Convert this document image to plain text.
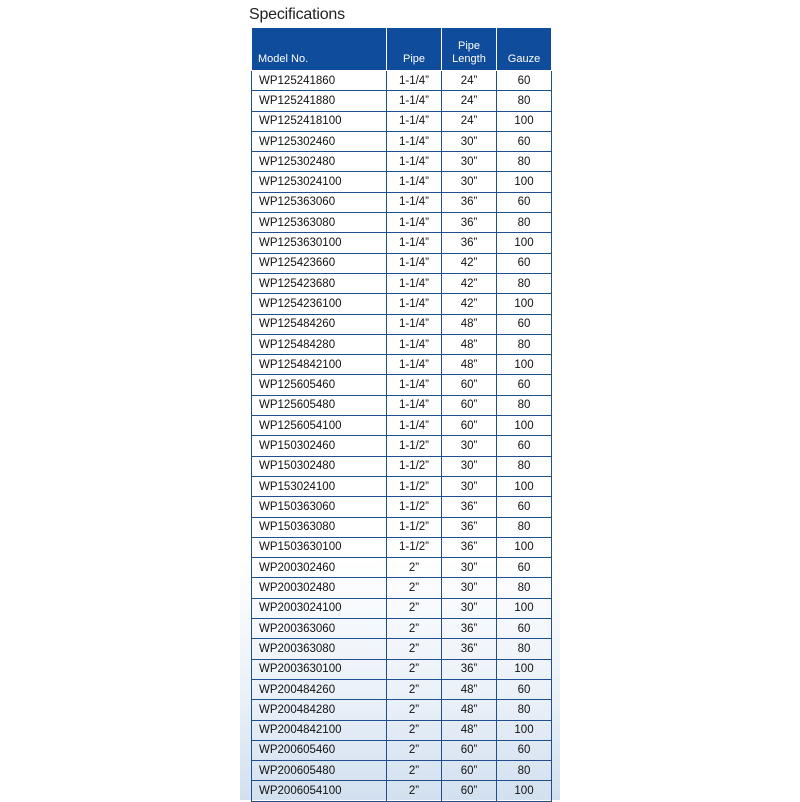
Specifications
Model No.	Pipe	Pipe Length	Gauze
WP125241860	1-1/4”	24”	60
WP125241880	1-1/4”	24”	80
WP1252418100	1-1/4”	24”	100
WP125302460	1-1/4”	30”	60
WP125302480	1-1/4”	30”	80
WP1253024100	1-1/4”	30”	100
WP125363060	1-1/4”	36”	60
WP125363080	1-1/4”	36”	80
WP1253630100	1-1/4”	36”	100
WP125423660	1-1/4”	42”	60
WP125423680	1-1/4”	42”	80
WP1254236100	1-1/4”	42”	100
WP125484260	1-1/4”	48”	60
WP125484280	1-1/4”	48”	80
WP1254842100	1-1/4”	48”	100
WP125605460	1-1/4”	60”	60
WP125605480	1-1/4”	60”	80
WP1256054100	1-1/4”	60”	100
WP150302460	1-1/2”	30”	60
WP150302480	1-1/2”	30”	80
WP153024100	1-1/2”	30”	100
WP150363060	1-1/2”	36”	60
WP150363080	1-1/2”	36”	80
WP1503630100	1-1/2”	36”	100
WP200302460	2”	30”	60
WP200302480	2”	30”	80
WP2003024100	2”	30”	100
WP200363060	2”	36”	60
WP200363080	2”	36”	80
WP2003630100	2”	36”	100
WP200484260	2”	48”	60
WP200484280	2”	48”	80
WP2004842100	2”	48”	100
WP200605460	2”	60”	60
WP200605480	2”	60”	80
WP2006054100	2”	60”	100
